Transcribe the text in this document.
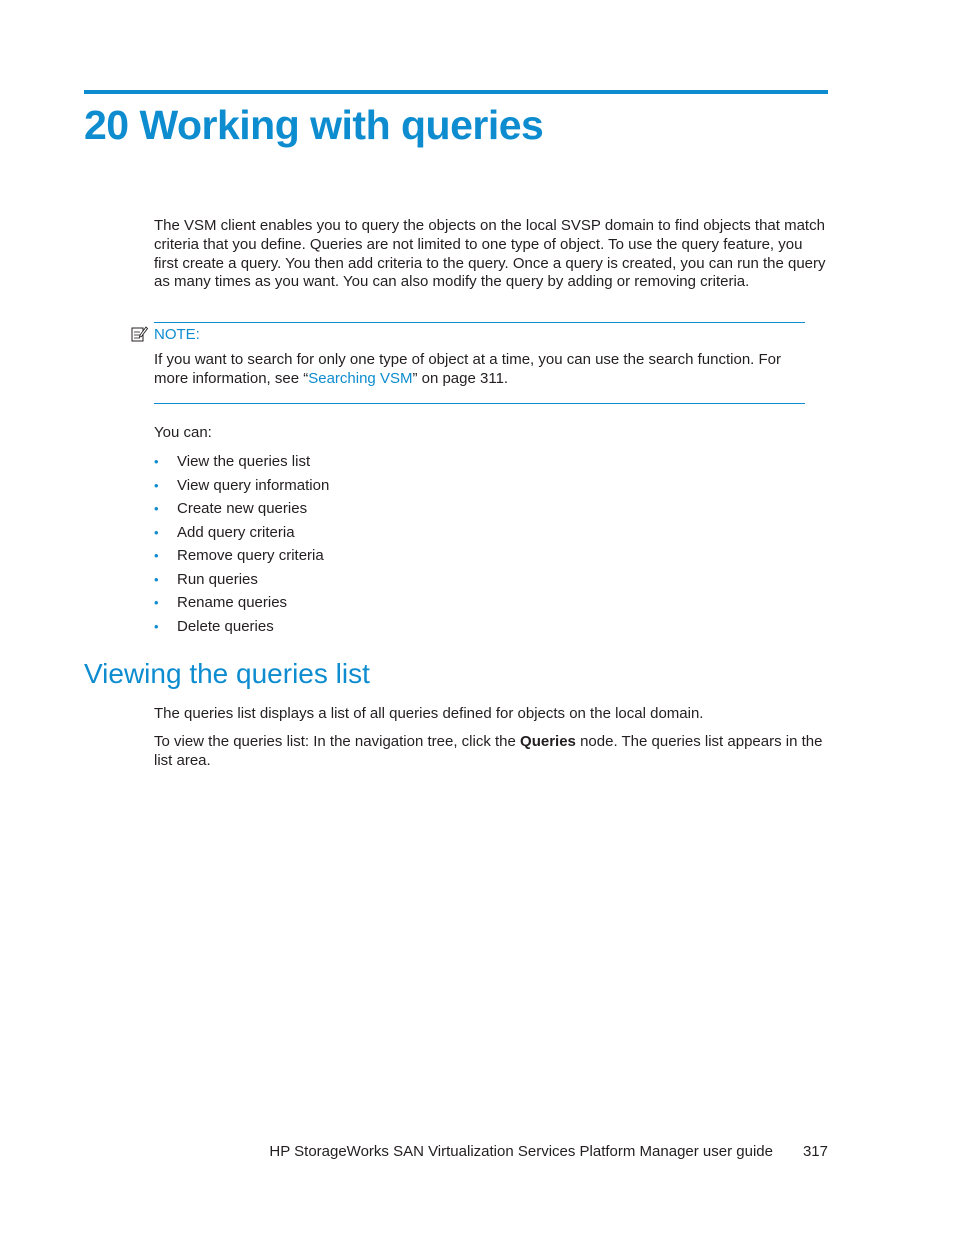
20 Working with queries

The VSM client enables you to query the objects on the local SVSP domain to find objects that match criteria that you define. Queries are not limited to one type of object. To use the query feature, you first create a query. You then add criteria to the query. Once a query is created, you can run the query as many times as you want. You can also modify the query by adding or removing criteria.

NOTE:

If you want to search for only one type of object at a time, you can use the search function. For more information, see “Searching VSM” on page 311.

You can:

• View the queries list
• View query information
• Create new queries
• Add query criteria
• Remove query criteria
• Run queries
• Rename queries
• Delete queries
Viewing the queries list

The queries list displays a list of all queries defined for objects on the local domain.

To view the queries list: In the navigation tree, click the Queries node. The queries list appears in the list area.

HP StorageWorks SAN Virtualization Services Platform Manager user guide 317
